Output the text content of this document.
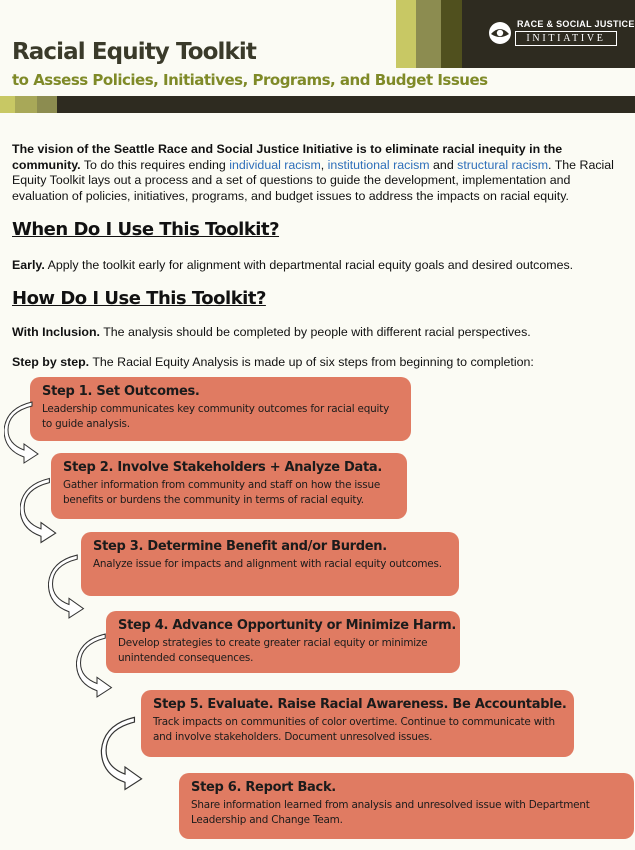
RACE & SOCIAL JUSTICE
INITIATIVE
Racial Equity Toolkit
to Assess Policies, Initiatives, Programs, and Budget Issues
The vision of the Seattle Race and Social Justice Initiative is to eliminate racial inequity in the community. To do this requires ending individual racism, institutional racism and structural racism. The Racial Equity Toolkit lays out a process and a set of questions to guide the development, implementation and evaluation of policies, initiatives, programs, and budget issues to address the impacts on racial equity.
When Do I Use This Toolkit?
Early. Apply the toolkit early for alignment with departmental racial equity goals and desired outcomes.
How Do I Use This Toolkit?
With Inclusion. The analysis should be completed by people with different racial perspectives.
Step by step. The Racial Equity Analysis is made up of six steps from beginning to completion:
Step 1. Set Outcomes.
Leadership communicates key community outcomes for racial equity to guide analysis.
Step 2. Involve Stakeholders + Analyze Data.
Gather information from community and staff on how the issue benefits or burdens the community in terms of racial equity.
Step 3. Determine Benefit and/or Burden.
Analyze issue for impacts and alignment with racial equity outcomes.
Step 4. Advance Opportunity or Minimize Harm.
Develop strategies to create greater racial equity or minimize unintended consequences.
Step 5. Evaluate. Raise Racial Awareness. Be Accountable.
Track impacts on communities of color overtime. Continue to communicate with and involve stakeholders. Document unresolved issues.
Step 6. Report Back.
Share information learned from analysis and unresolved issue with Department Leadership and Change Team.
